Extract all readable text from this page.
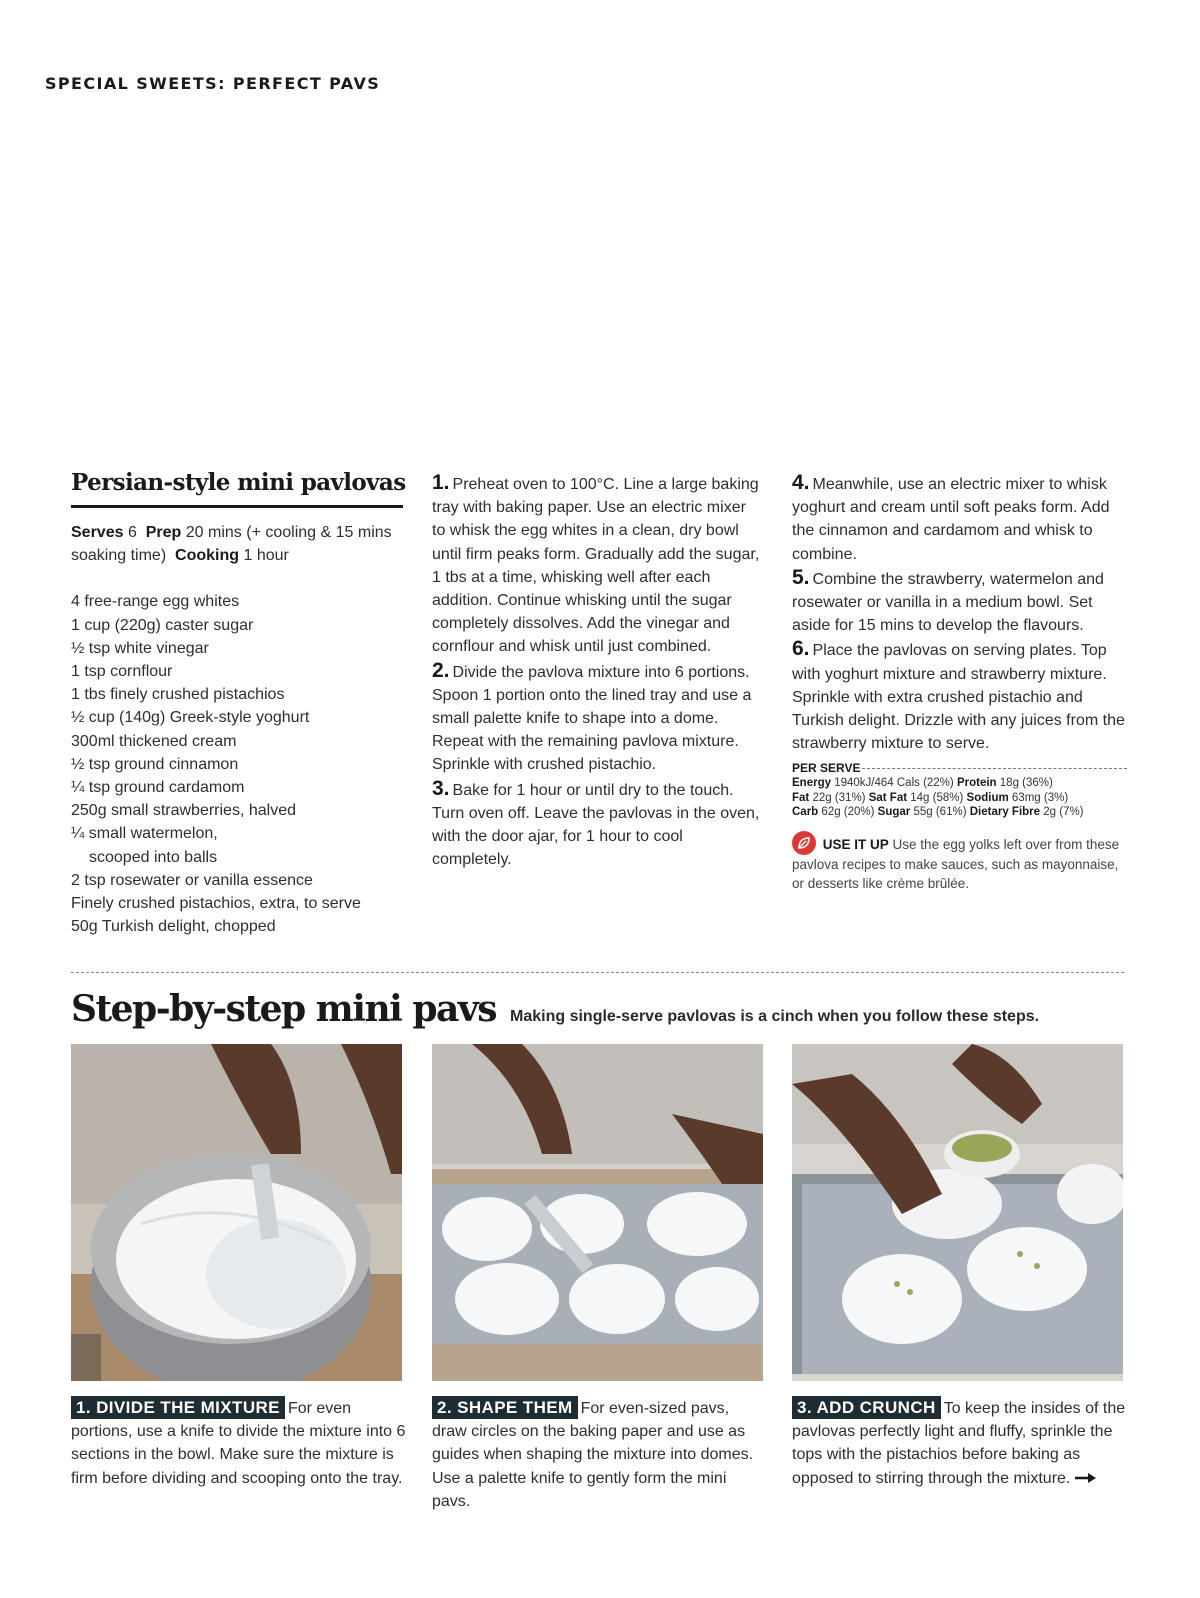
SPECIAL SWEETS: PERFECT PAVS
Persian-style mini pavlovas

Serves 6 Prep 20 mins (+ cooling & 15 mins soaking time) Cooking 1 hour

4 free-range egg whites
1 cup (220g) caster sugar
½ tsp white vinegar
1 tsp cornflour
1 tbs finely crushed pistachios
½ cup (140g) Greek-style yoghurt
300ml thickened cream
½ tsp ground cinnamon
¼ tsp ground cardamom
250g small strawberries, halved
¼ small watermelon,
scooped into balls
2 tsp rosewater or vanilla essence
Finely crushed pistachios, extra, to serve
50g Turkish delight, chopped

1. Preheat oven to 100°C. Line a large baking tray with baking paper. Use an electric mixer to whisk the egg whites in a clean, dry bowl until firm peaks form. Gradually add the sugar, 1 tbs at a time, whisking well after each addition. Continue whisking until the sugar completely dissolves. Add the vinegar and cornflour and whisk until just combined.

2. Divide the pavlova mixture into 6 portions. Spoon 1 portion onto the lined tray and use a small palette knife to shape into a dome. Repeat with the remaining pavlova mixture. Sprinkle with crushed pistachio.

3. Bake for 1 hour or until dry to the touch. Turn oven off. Leave the pavlovas in the oven, with the door ajar, for 1 hour to cool completely.

4. Meanwhile, use an electric mixer to whisk yoghurt and cream until soft peaks form. Add the cinnamon and cardamom and whisk to combine.

5. Combine the strawberry, watermelon and rosewater or vanilla in a medium bowl. Set aside for 15 mins to develop the flavours.

6. Place the pavlovas on serving plates. Top with yoghurt mixture and strawberry mixture. Sprinkle with extra crushed pistachio and Turkish delight. Drizzle with any juices from the strawberry mixture to serve.

PER SERVE
Energy 1940kJ/464 Cals (22%) Protein 18g (36%)
Fat 22g (31%) Sat Fat 14g (58%) Sodium 63mg (3%)
Carb 62g (20%) Sugar 55g (61%) Dietary Fibre 2g (7%)

USE IT UP Use the egg yolks left over from these pavlova recipes to make sauces, such as mayonnaise, or desserts like crème brûlée.

Step-by-step mini pavs Making single-serve pavlovas is a cinch when you follow these steps.
1. DIVIDE THE MIXTURE For even portions, use a knife to divide the mixture into 6 sections in the bowl. Make sure the mixture is firm before dividing and scooping onto the tray.
2. SHAPE THEM For even-sized pavs, draw circles on the baking paper and use as guides when shaping the mixture into domes. Use a palette knife to gently form the mini pavs.
3. ADD CRUNCH To keep the insides of the pavlovas perfectly light and fluffy, sprinkle the tops with the pistachios before baking as opposed to stirring through the mixture.
